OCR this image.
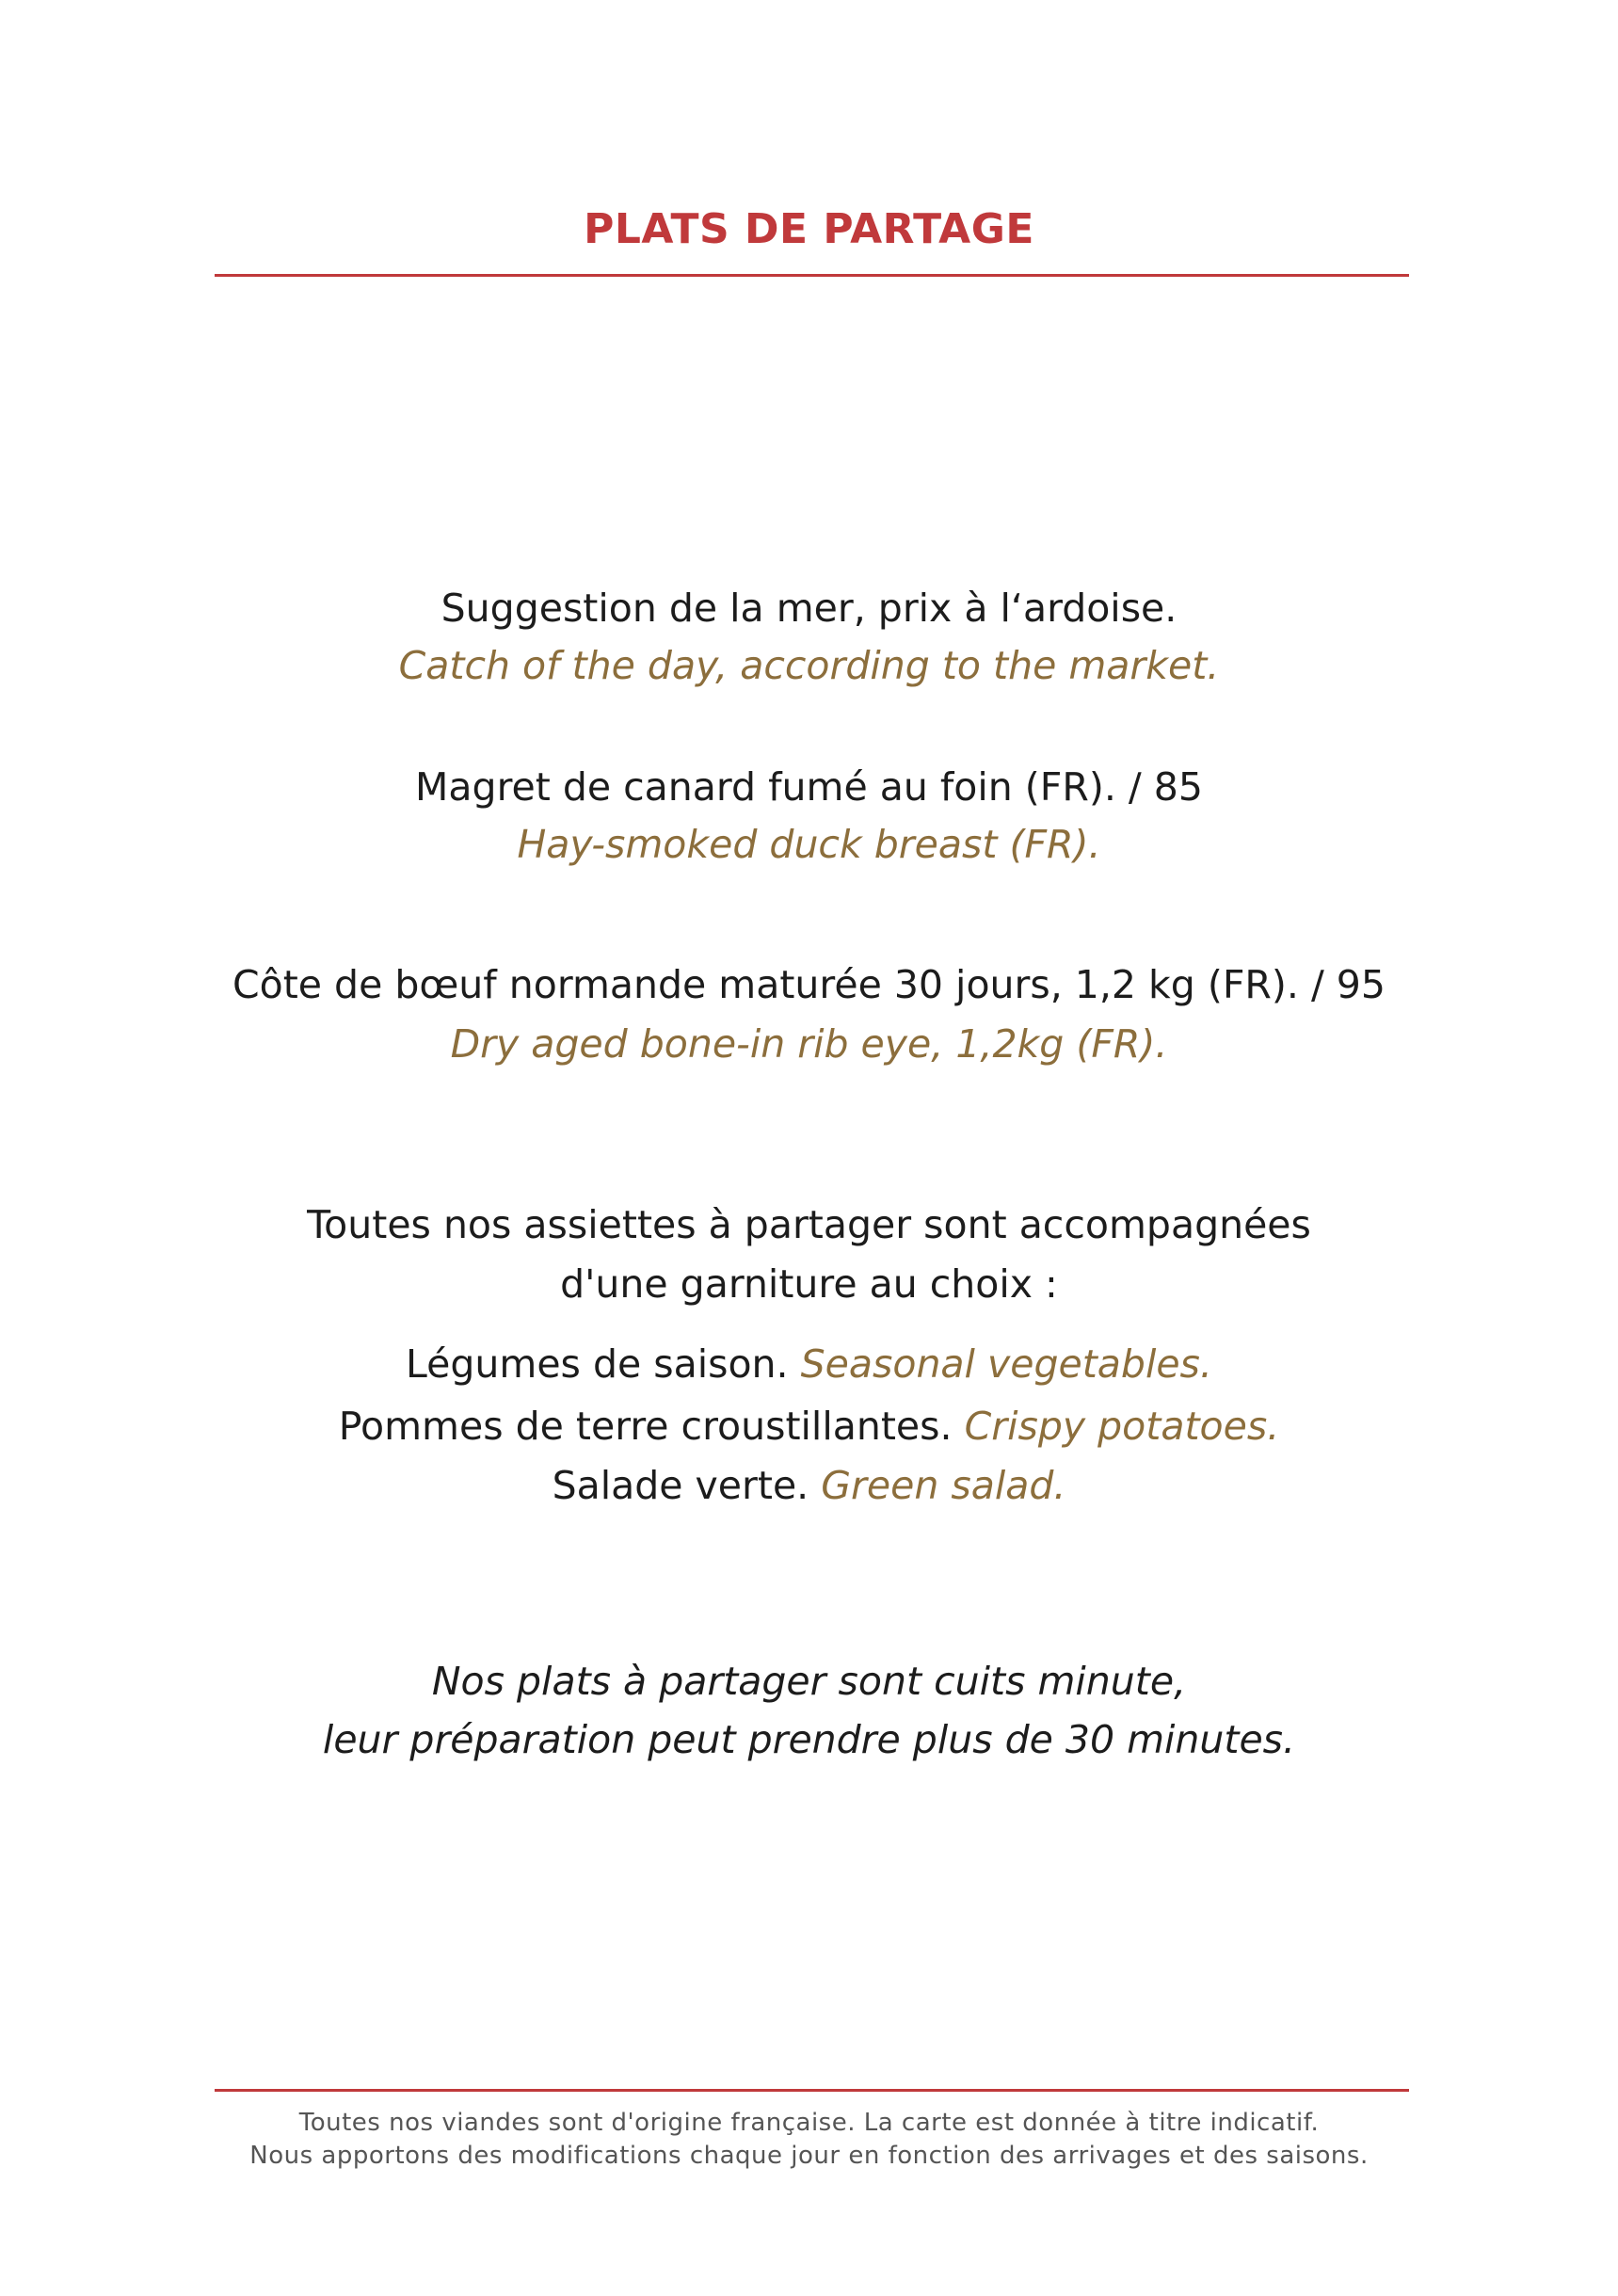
PLATS DE PARTAGE
Suggestion de la mer, prix à l‘ardoise.
Catch of the day, according to the market.
Magret de canard fumé au foin (FR). / 85
Hay-smoked duck breast (FR).
Côte de bœuf normande maturée 30 jours, 1,2 kg (FR). / 95
Dry aged bone-in rib eye, 1,2kg (FR).
Toutes nos assiettes à partager sont accompagnées
d'une garniture au choix :
Légumes de saison. Seasonal vegetables.
Pommes de terre croustillantes. Crispy potatoes.
Salade verte. Green salad.
Nos plats à partager sont cuits minute,
leur préparation peut prendre plus de 30 minutes.
Toutes nos viandes sont d'origine française. La carte est donnée à titre indicatif.
Nous apportons des modifications chaque jour en fonction des arrivages et des saisons.
